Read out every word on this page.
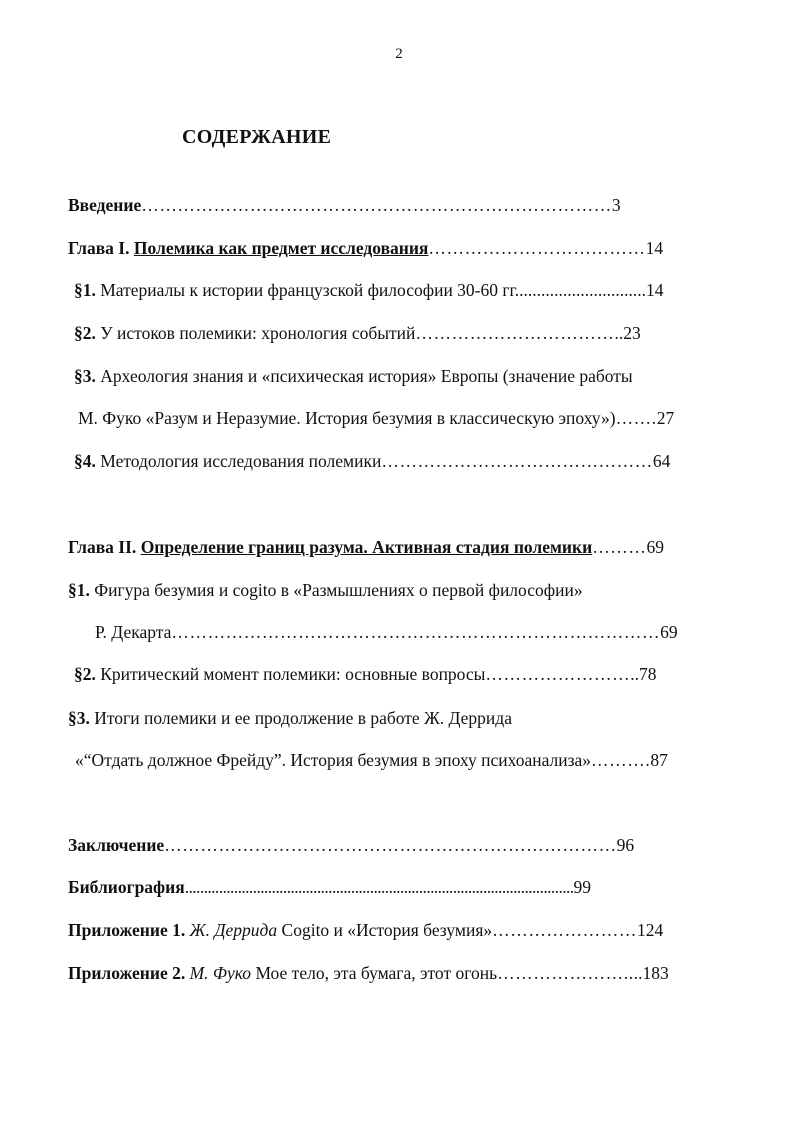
2
СОДЕРЖАНИЕ
Введение……………………………………………………………………3
Глава I. Полемика как предмет исследования………………………………14
§1. Материалы к истории французской философии 30-60 гг..............................14
§2. У истоков полемики: хронология событий……………………………..23
§3. Археология знания и «психическая история» Европы (значение работы
М. Фуко «Разум и Неразумие. История безумия в классическую эпоху»)…….27
§4. Методология исследования полемики………………………………………64
Глава II. Определение границ разума. Активная стадия полемики………69
§1. Фигура безумия и cogito в «Размышлениях о первой философии»
Р. Декарта………………………………………………………………………69
§2. Критический момент полемики: основные вопросы……………………..78
§3. Итоги полемики и ее продолжение в работе Ж. Деррида
«“Отдать должное Фрейду”. История безумия в эпоху психоанализа»……….87
Заключение…………………………………………………………………96
Библиография.......................................................................................................99
Приложение 1. Ж. Деррида Cogito и «История безумия»……………………124
Приложение 2. М. Фуко Мое тело, эта бумага, этот огонь…………………....183
